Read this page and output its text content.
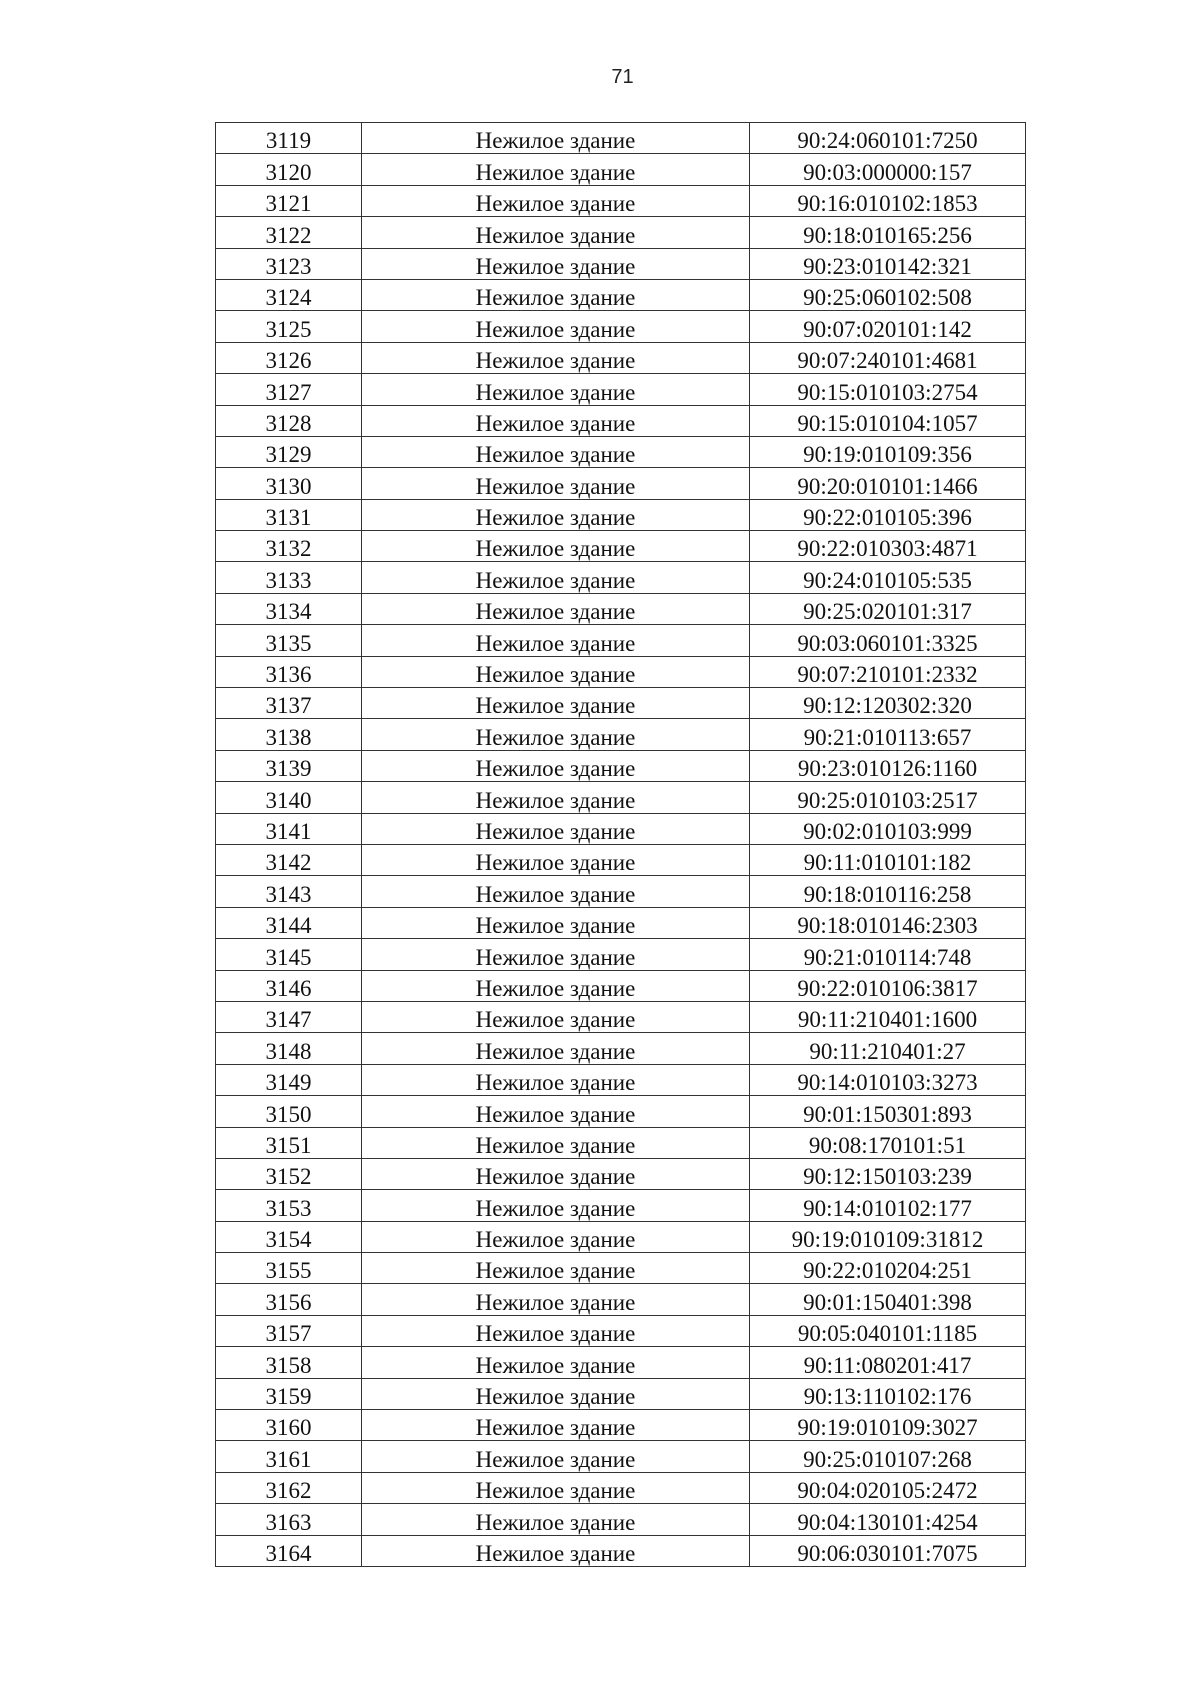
71
3119	Нежилое здание	90:24:060101:7250
3120	Нежилое здание	90:03:000000:157
3121	Нежилое здание	90:16:010102:1853
3122	Нежилое здание	90:18:010165:256
3123	Нежилое здание	90:23:010142:321
3124	Нежилое здание	90:25:060102:508
3125	Нежилое здание	90:07:020101:142
3126	Нежилое здание	90:07:240101:4681
3127	Нежилое здание	90:15:010103:2754
3128	Нежилое здание	90:15:010104:1057
3129	Нежилое здание	90:19:010109:356
3130	Нежилое здание	90:20:010101:1466
3131	Нежилое здание	90:22:010105:396
3132	Нежилое здание	90:22:010303:4871
3133	Нежилое здание	90:24:010105:535
3134	Нежилое здание	90:25:020101:317
3135	Нежилое здание	90:03:060101:3325
3136	Нежилое здание	90:07:210101:2332
3137	Нежилое здание	90:12:120302:320
3138	Нежилое здание	90:21:010113:657
3139	Нежилое здание	90:23:010126:1160
3140	Нежилое здание	90:25:010103:2517
3141	Нежилое здание	90:02:010103:999
3142	Нежилое здание	90:11:010101:182
3143	Нежилое здание	90:18:010116:258
3144	Нежилое здание	90:18:010146:2303
3145	Нежилое здание	90:21:010114:748
3146	Нежилое здание	90:22:010106:3817
3147	Нежилое здание	90:11:210401:1600
3148	Нежилое здание	90:11:210401:27
3149	Нежилое здание	90:14:010103:3273
3150	Нежилое здание	90:01:150301:893
3151	Нежилое здание	90:08:170101:51
3152	Нежилое здание	90:12:150103:239
3153	Нежилое здание	90:14:010102:177
3154	Нежилое здание	90:19:010109:31812
3155	Нежилое здание	90:22:010204:251
3156	Нежилое здание	90:01:150401:398
3157	Нежилое здание	90:05:040101:1185
3158	Нежилое здание	90:11:080201:417
3159	Нежилое здание	90:13:110102:176
3160	Нежилое здание	90:19:010109:3027
3161	Нежилое здание	90:25:010107:268
3162	Нежилое здание	90:04:020105:2472
3163	Нежилое здание	90:04:130101:4254
3164	Нежилое здание	90:06:030101:7075
